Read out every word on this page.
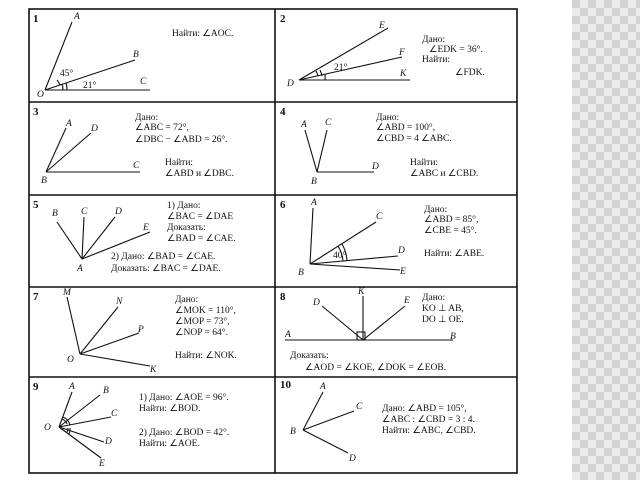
1	A
B
C
O
45°
21°
Найти: ∠AOC.
2
E
F
K
D
21°
Дано:
∠EDK = 36°.
Найти:
∠FDK.
3
A D
C
B
Дано:
∠ABC = 72°,
∠DBC − ∠ABD = 26°.
Найти:
∠ABD и ∠DBC.
4
A C
D
B
Дано:
∠ABD = 100°,
∠CBD = 4 ∠ABC.
Найти:
∠ABC и ∠CBD.
5
B C	D
E
A
1) Дано:
∠BAC = ∠DAE
Доказать:
∠BAD = ∠CAE.
2) Дано: ∠BAD = ∠CAE.
Доказать: ∠BAC = ∠DAE.
6	A
C
D
B	E
40°
Дано:
∠ABD = 85°,
∠CBE = 45°.
Найти: ∠ABE.
7	M
N
P
O
K
Дано:
∠MOK = 110°,
∠MOP = 73°,
∠NOP = 64°.
Найти: ∠NOK.
8	K
D	E
A	B
Дано:
KO ⊥ AB,
DO ⊥ OE.
Доказать:
∠AOD = ∠KOE, ∠DOK = ∠EOB.
9	A	B
C
O
D
E
1) Дано: ∠AOE = 96°.
Найти: ∠BOD.
2) Дано: ∠BOD = 42°.
Найти: ∠AOE.
10	A
C
B
D
Дано: ∠ABD = 105°,
∠ABC : ∠CBD = 3 : 4.
Найти: ∠ABC, ∠CBD.
